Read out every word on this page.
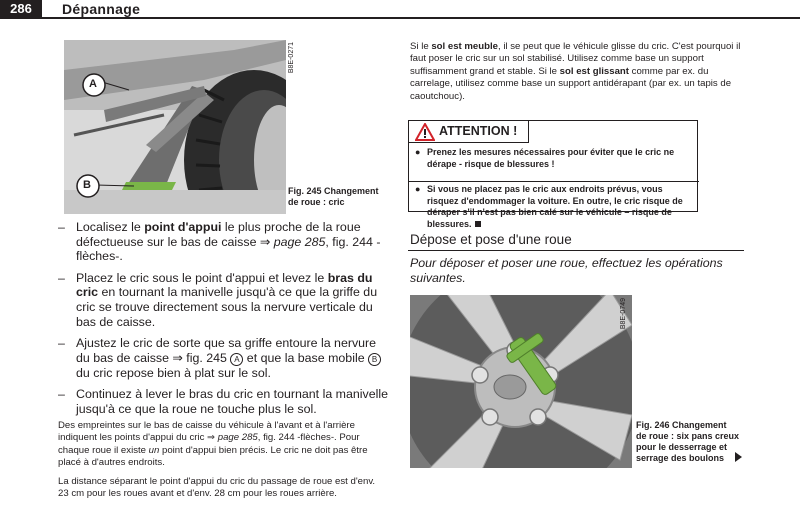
286	Dépannage
A
B
B8E-0271
Fig. 245 Changement
de roue : cric
– Localisez le point d'appui le plus proche de la roue défectueuse sur le bas de caisse ⇒ page 285, fig. 244 -flèches-.
– Placez le cric sous le point d'appui et levez le bras du cric en tournant la manivelle jusqu'à ce que la griffe du cric se trouve directement sous la nervure verticale du bas de caisse.
– Ajustez le cric de sorte que sa griffe entoure la nervure du bas de caisse ⇒ fig. 245 A et que la base mobile B du cric repose bien à plat sur le sol.
– Continuez à lever le bras du cric en tournant la manivelle jusqu'à ce que la roue ne touche plus le sol.
Des empreintes sur le bas de caisse du véhicule à l'avant et à l'arrière indiquent les points d'appui du cric ⇒ page 285, fig. 244 -flèches-. Pour chaque roue il existe un point d'appui bien précis. Le cric ne doit pas être placé à d'autres endroits.
La distance séparant le point d'appui du cric du passage de roue est d'env. 23 cm pour les roues avant et d'env. 28 cm pour les roues arrière.
Si le sol est meuble, il se peut que le véhicule glisse du cric. C'est pourquoi il faut poser le cric sur un sol stabilisé. Utilisez comme base un support suffisamment grand et stable. Si le sol est glissant comme par ex. du carrelage, utilisez comme base un support antidérapant (par ex. un tapis de caoutchouc).
ATTENTION !
● Prenez les mesures nécessaires pour éviter que le cric ne dérape - risque de blessures !
● Si vous ne placez pas le cric aux endroits prévus, vous risquez d'endommager la voiture. En outre, le cric risque de déraper s'il n'est pas bien calé sur le véhicule – risque de blessures.
Dépose et pose d'une roue
Pour déposer et poser une roue, effectuez les opérations suivantes.
B8E-0749
Fig. 246 Changement
de roue : six pans creux
pour le desserrage et
serrage des boulons
